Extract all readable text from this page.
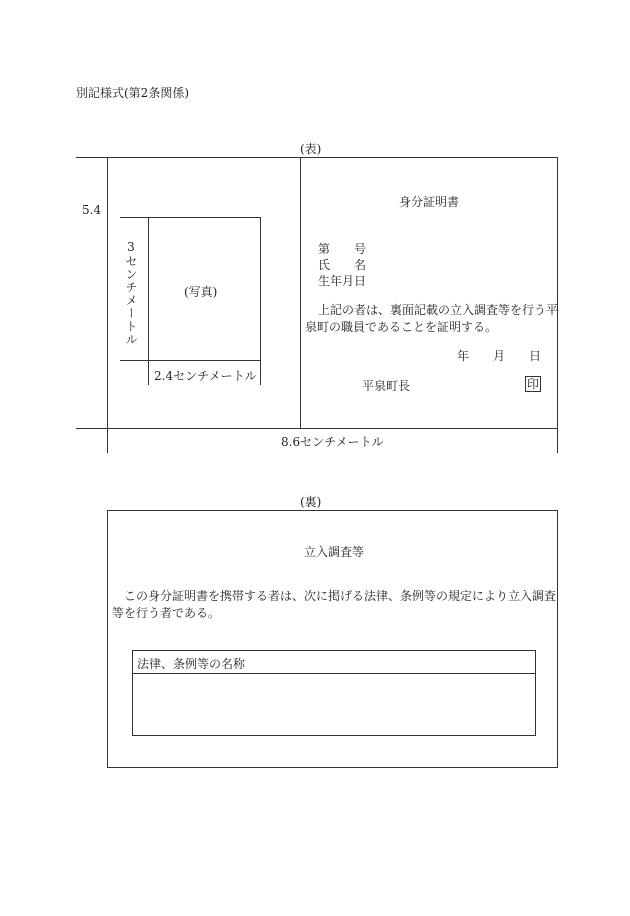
別記様式(第2条関係)
(表)
5.4
(写真)
3センチメートル
2.4センチメートル
身分証明書
第　　号
氏　　名
生年月日
上記の者は、裏面記載の立入調査等を行う平
泉町の職員であることを証明する。
年　　月　　日
平泉町長	印
8.6センチメートル
(裏)
立入調査等
この身分証明書を携帯する者は、次に掲げる法律、条例等の規定により立入調査
等を行う者である。
法律、条例等の名称
